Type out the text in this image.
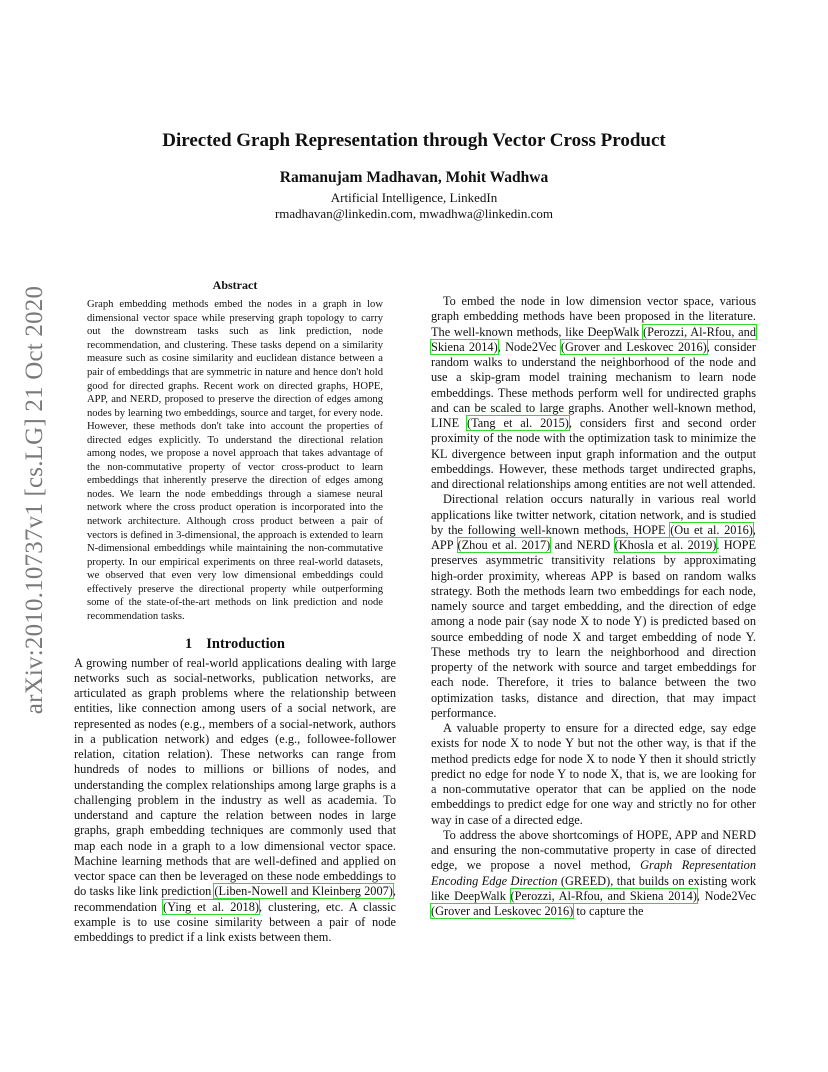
arXiv:2010.10737v1 [cs.LG] 21 Oct 2020
Directed Graph Representation through Vector Cross Product
Ramanujam Madhavan, Mohit Wadhwa
Artificial Intelligence, LinkedIn
rmadhavan@linkedin.com, mwadhwa@linkedin.com
Abstract

Graph embedding methods embed the nodes in a graph in low dimensional vector space while preserving graph topology to carry out the downstream tasks such as link prediction, node recommendation, and clustering. These tasks depend on a similarity measure such as cosine similarity and euclidean distance between a pair of embeddings that are symmetric in nature and hence don't hold good for directed graphs. Recent work on directed graphs, HOPE, APP, and NERD, proposed to preserve the direction of edges among nodes by learning two embeddings, source and target, for every node. However, these methods don't take into account the properties of directed edges explicitly. To understand the directional relation among nodes, we propose a novel approach that takes advantage of the non-commutative property of vector cross-product to learn embeddings that inherently preserve the direction of edges among nodes. We learn the node embeddings through a siamese neural network where the cross product operation is incorporated into the network architecture. Although cross product between a pair of vectors is defined in 3-dimensional, the approach is extended to learn N-dimensional embeddings while maintaining the non-commutative property. In our empirical experiments on three real-world datasets, we observed that even very low dimensional embeddings could effectively preserve the directional property while outperforming some of the state-of-the-art methods on link prediction and node recommendation tasks.

1 Introduction

A growing number of real-world applications dealing with large networks such as social-networks, publication networks, are articulated as graph problems where the relationship between entities, like connection among users of a social network, are represented as nodes (e.g., members of a social-network, authors in a publication network) and edges (e.g., followee-follower relation, citation relation). These networks can range from hundreds of nodes to millions or billions of nodes, and understanding the complex relationships among large graphs is a challenging problem in the industry as well as academia. To understand and capture the relation between nodes in large graphs, graph embedding techniques are commonly used that map each node in a graph to a low dimensional vector space. Machine learning methods that are well-defined and applied on vector space can then be leveraged on these node embeddings to do tasks like link prediction (Liben-Nowell and Kleinberg 2007), recommendation (Ying et al. 2018), clustering, etc. A classic example is to use cosine similarity between a pair of node embeddings to predict if a link exists between them.

To embed the node in low dimension vector space, various graph embedding methods have been proposed in the literature. The well-known methods, like DeepWalk (Perozzi, Al-Rfou, and Skiena 2014), Node2Vec (Grover and Leskovec 2016), consider random walks to understand the neighborhood of the node and use a skip-gram model training mechanism to learn node embeddings. These methods perform well for undirected graphs and can be scaled to large graphs. Another well-known method, LINE (Tang et al. 2015), considers first and second order proximity of the node with the optimization task to minimize the KL divergence between input graph information and the output embeddings. However, these methods target undirected graphs, and directional relationships among entities are not well attended.

Directional relation occurs naturally in various real world applications like twitter network, citation network, and is studied by the following well-known methods, HOPE (Ou et al. 2016), APP (Zhou et al. 2017) and NERD (Khosla et al. 2019). HOPE preserves asymmetric transitivity relations by approximating high-order proximity, whereas APP is based on random walks strategy. Both the methods learn two embeddings for each node, namely source and target embedding, and the direction of edge among a node pair (say node X to node Y) is predicted based on source embedding of node X and target embedding of node Y. These methods try to learn the neighborhood and direction property of the network with source and target embeddings for each node. Therefore, it tries to balance between the two optimization tasks, distance and direction, that may impact performance.

A valuable property to ensure for a directed edge, say edge exists for node X to node Y but not the other way, is that if the method predicts edge for node X to node Y then it should strictly predict no edge for node Y to node X, that is, we are looking for a non-commutative operator that can be applied on the node embeddings to predict edge for one way and strictly no for other way in case of a directed edge.

To address the above shortcomings of HOPE, APP and NERD and ensuring the non-commutative property in case of directed edge, we propose a novel method, Graph Representation Encoding Edge Direction (GREED), that builds on existing work like DeepWalk (Perozzi, Al-Rfou, and Skiena 2014), Node2Vec (Grover and Leskovec 2016) to capture the
